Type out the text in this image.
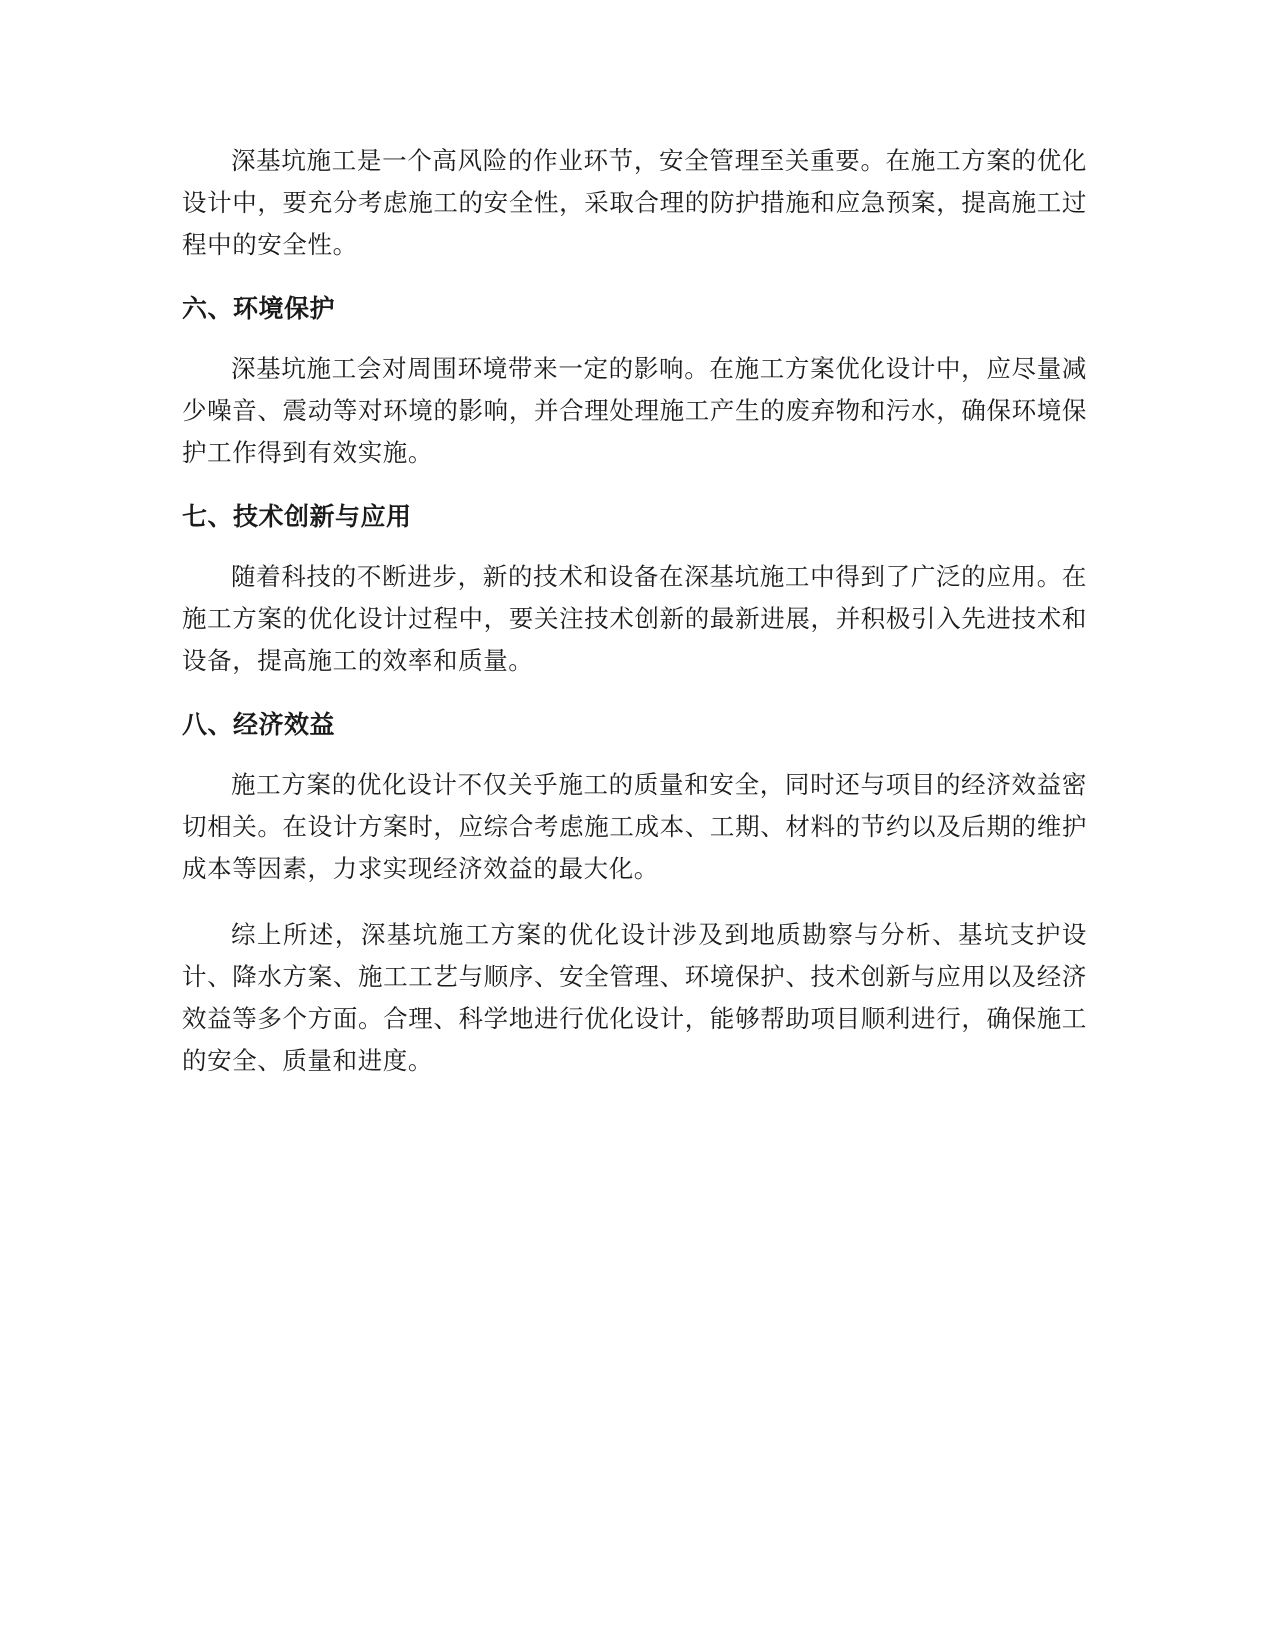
深基坑施工是一个高风险的作业环节，安全管理至关重要。在施工方案的优化设计中，要充分考虑施工的安全性，采取合理的防护措施和应急预案，提高施工过程中的安全性。

六、环境保护

深基坑施工会对周围环境带来一定的影响。在施工方案优化设计中，应尽量减少噪音、震动等对环境的影响，并合理处理施工产生的废弃物和污水，确保环境保护工作得到有效实施。

七、技术创新与应用

随着科技的不断进步，新的技术和设备在深基坑施工中得到了广泛的应用。在施工方案的优化设计过程中，要关注技术创新的最新进展，并积极引入先进技术和设备，提高施工的效率和质量。

八、经济效益

施工方案的优化设计不仅关乎施工的质量和安全，同时还与项目的经济效益密切相关。在设计方案时，应综合考虑施工成本、工期、材料的节约以及后期的维护成本等因素，力求实现经济效益的最大化。

综上所述，深基坑施工方案的优化设计涉及到地质勘察与分析、基坑支护设计、降水方案、施工工艺与顺序、安全管理、环境保护、技术创新与应用以及经济效益等多个方面。合理、科学地进行优化设计，能够帮助项目顺利进行，确保施工的安全、质量和进度。
